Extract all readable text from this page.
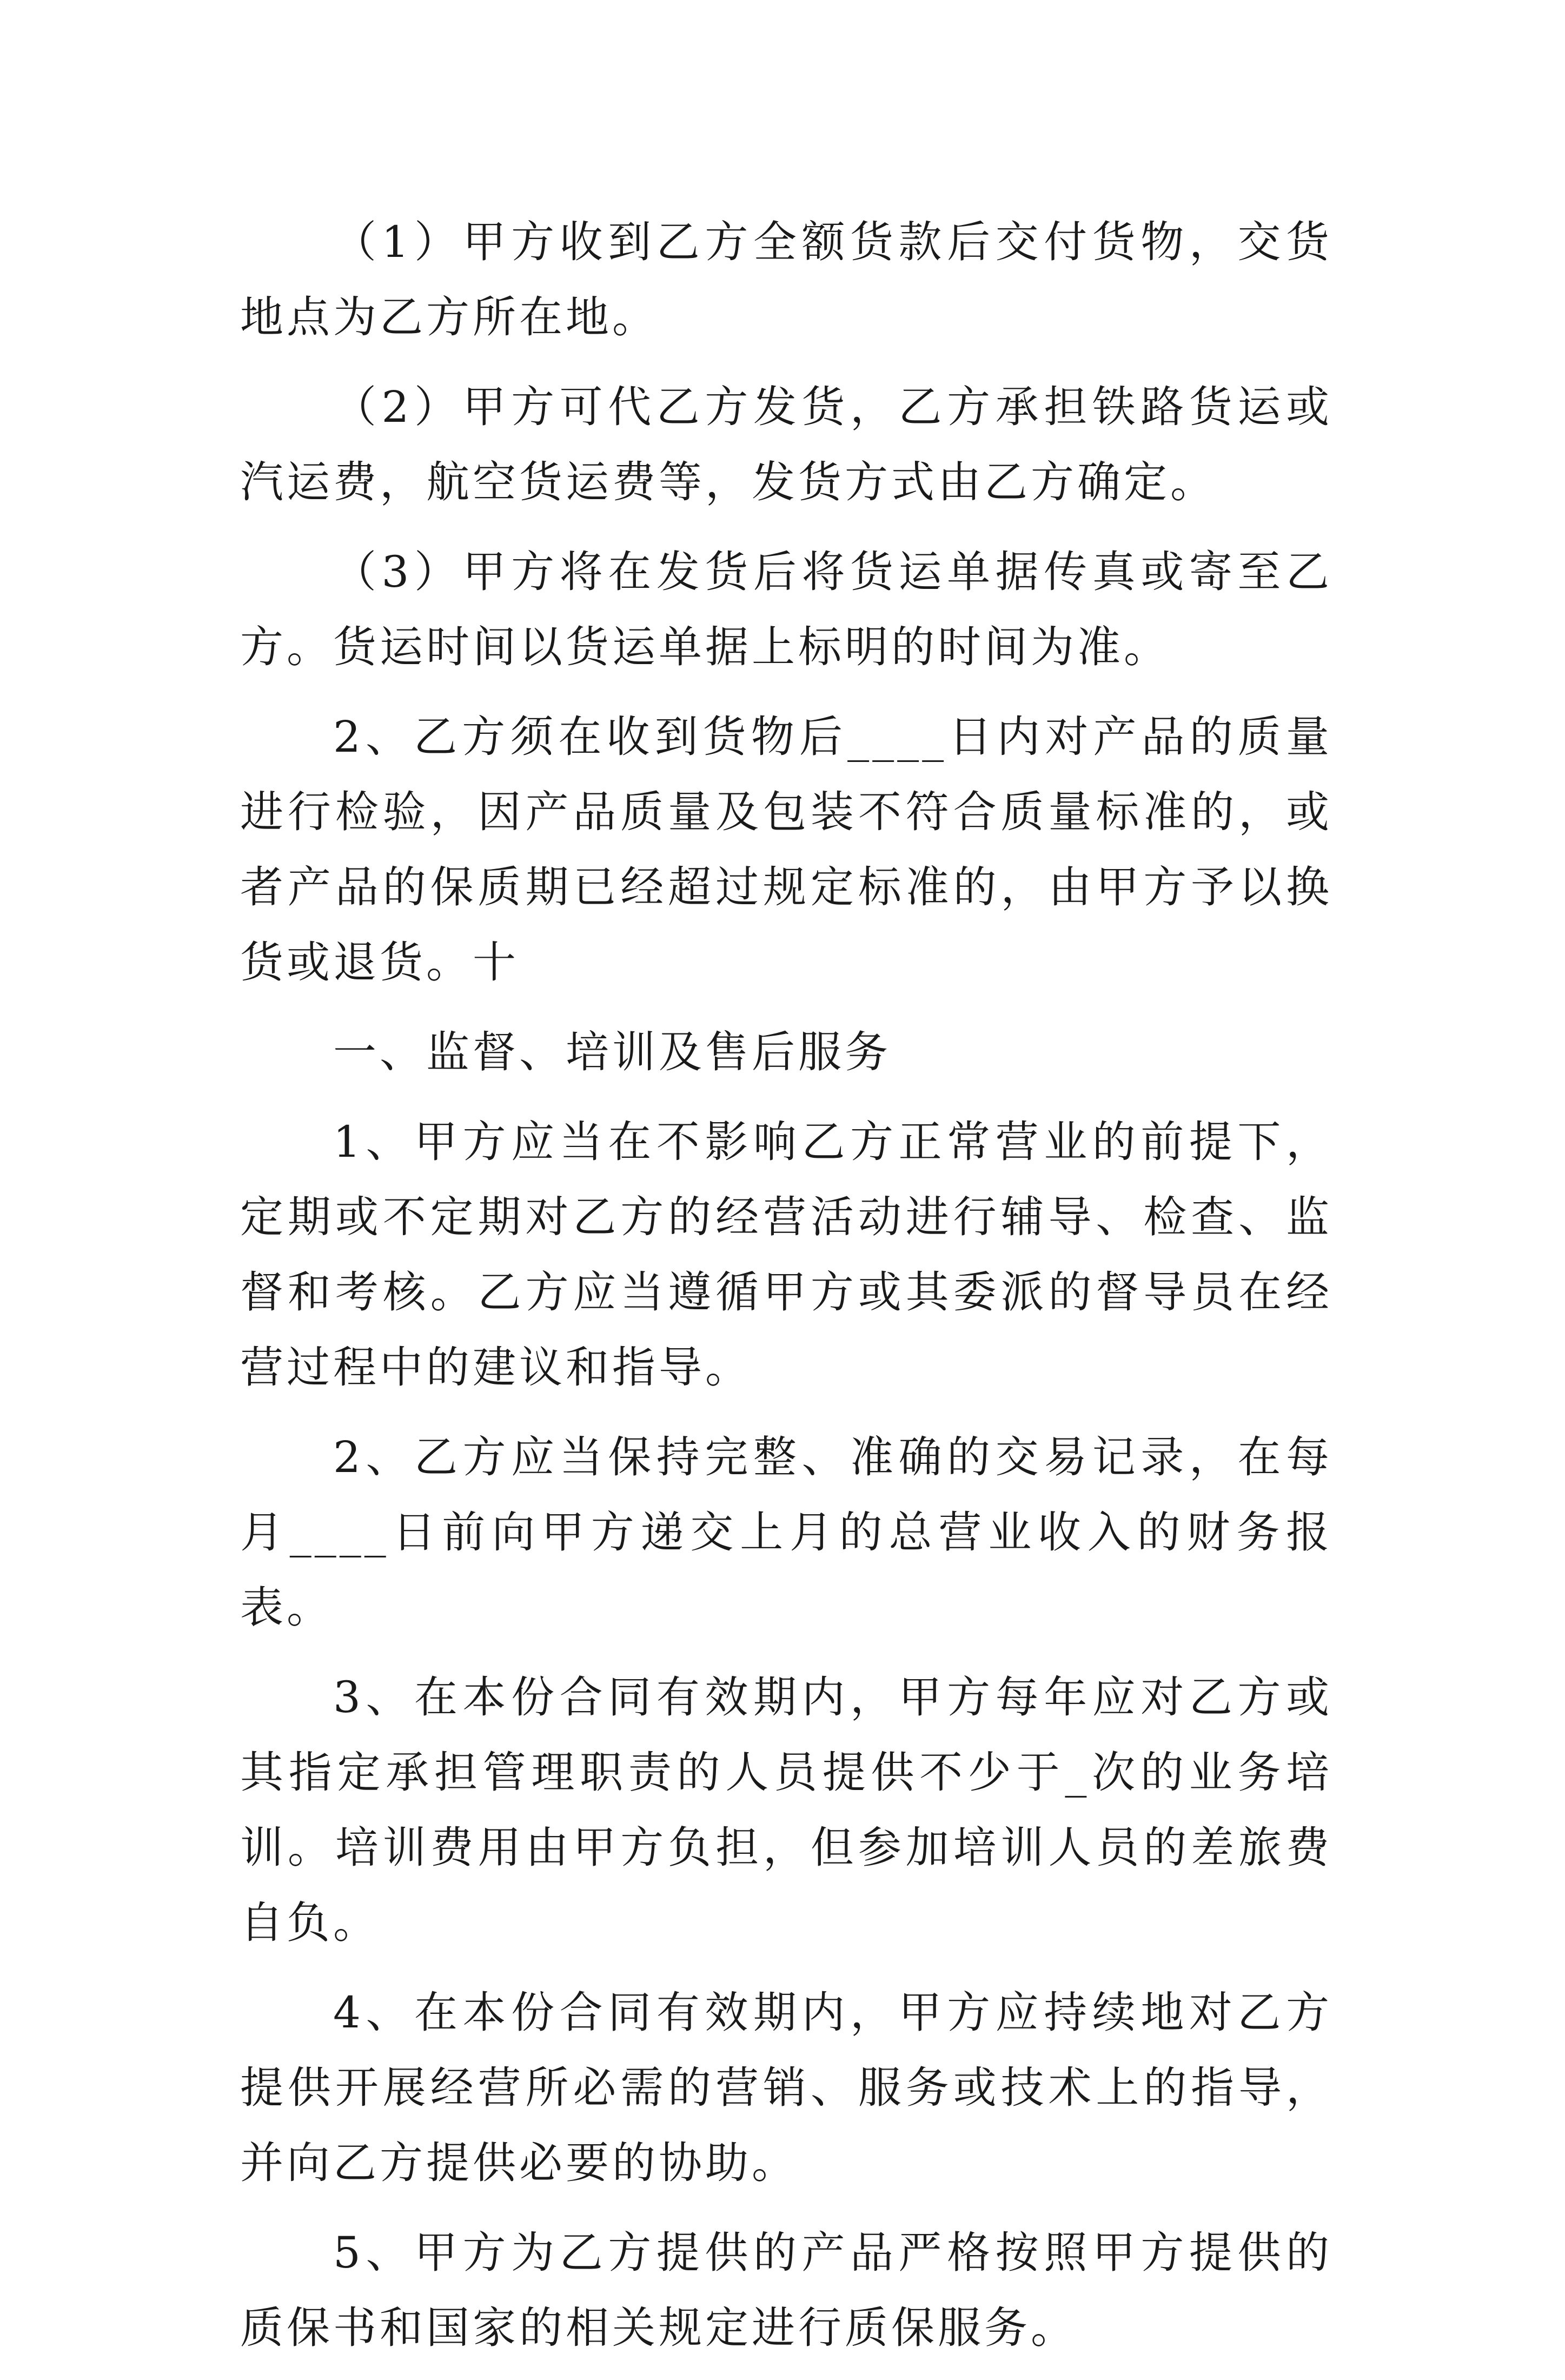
（1）甲方收到乙方全额货款后交付货物，交货地点为乙方所在地。

（2）甲方可代乙方发货，乙方承担铁路货运或汽运费，航空货运费等，发货方式由乙方确定。

（3）甲方将在发货后将货运单据传真或寄至乙方。货运时间以货运单据上标明的时间为准。

2、乙方须在收到货物后____日内对产品的质量进行检验，因产品质量及包装不符合质量标准的，或者产品的保质期已经超过规定标准的，由甲方予以换货或退货。十

一、监督、培训及售后服务

1、甲方应当在不影响乙方正常营业的前提下，定期或不定期对乙方的经营活动进行辅导、检查、监督和考核。乙方应当遵循甲方或其委派的督导员在经营过程中的建议和指导。

2、乙方应当保持完整、准确的交易记录，在每月____日前向甲方递交上月的总营业收入的财务报表。

3、在本份合同有效期内，甲方每年应对乙方或其指定承担管理职责的人员提供不少于_次的业务培训。培训费用由甲方负担，但参加培训人员的差旅费自负。

4、在本份合同有效期内，甲方应持续地对乙方提供开展经营所必需的营销、服务或技术上的指导，并向乙方提供必要的协助。

5、甲方为乙方提供的产品严格按照甲方提供的质保书和国家的相关规定进行质保服务。
